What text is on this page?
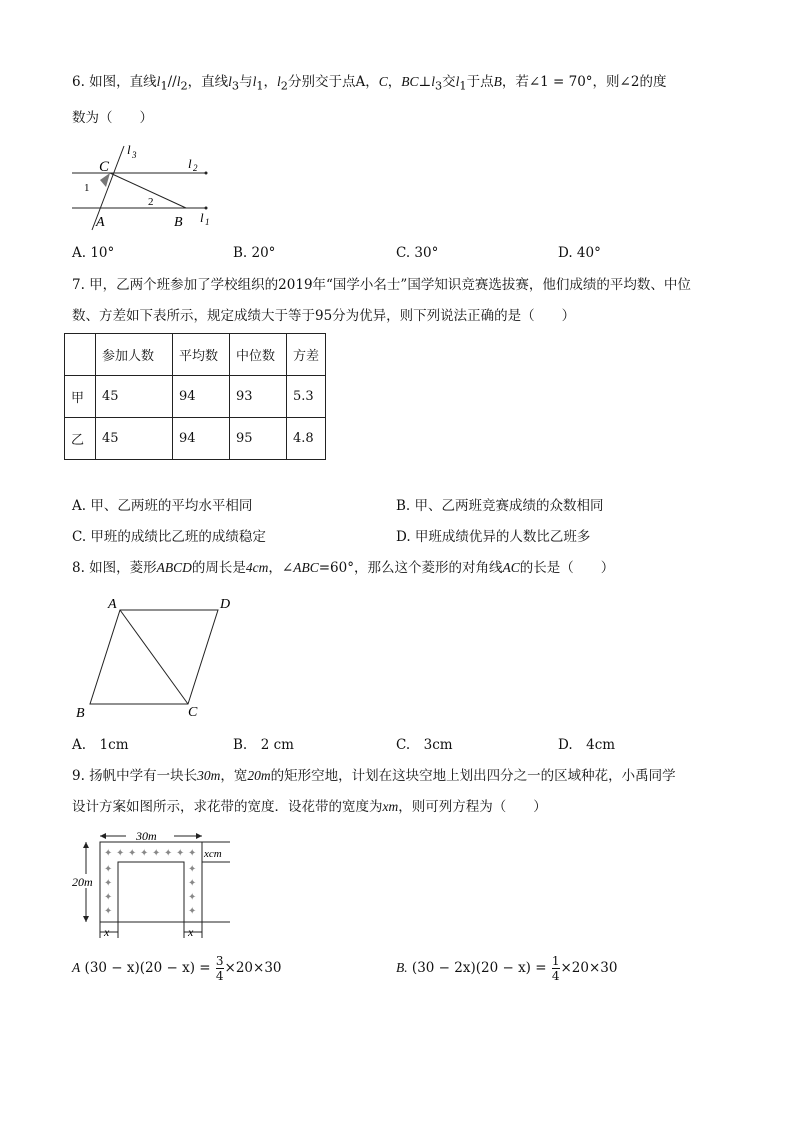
6. 如图，直线$l_1//l_2$，直线$l_3$与$l_1$，$l_2$分别交于点A，C，$BC\perp l_3$交$l_1$于点B，若∠1 = 70°，则∠2的度
数为（　　）
C
A	B
l 3
l 2
l 1
1
2
A. 10°	B. 20°	C. 30°	D. 40°
7. 甲，乙两个班参加了学校组织的2019年“国学小名士”国学知识竞赛选拔赛，他们成绩的平均数、中位
数、方差如下表所示，规定成绩大于等于95分为优异，则下列说法正确的是（　　）
	参加人数	平均数	中位数	方差
甲	45	94	93	5.3
乙	45	94	95	4.8
A. 甲、乙两班的平均水平相同	B. 甲、乙两班竞赛成绩的众数相同
C. 甲班的成绩比乙班的成绩稳定	D. 甲班成绩优异的人数比乙班多
8. 如图，菱形ABCD的周长是4cm，∠ABC=60°，那么这个菱形的对角线AC的长是（　　）
A	D
B	C
A.　1cm	B.　2 cm	C.　3cm	D.　4cm
9. 扬帆中学有一块长30m，宽20m的矩形空地，计划在这块空地上划出四分之一的区域种花，小禹同学
设计方案如图所示，求花带的宽度．设花带的宽度为xm，则可列方程为（　　）
30m
20m
✦ ✦ ✦ ✦ ✦ ✦ ✦ ✦
✦
✦
✦
✦
✦
✦
✦
✦
xcm
x	x
A $(30 - x)(20 - x) = \frac{3}{4} \times 20\times 30$	B. $(30 - 2x)(20 - x) = \frac{1}{4} \times 20\times 30$
